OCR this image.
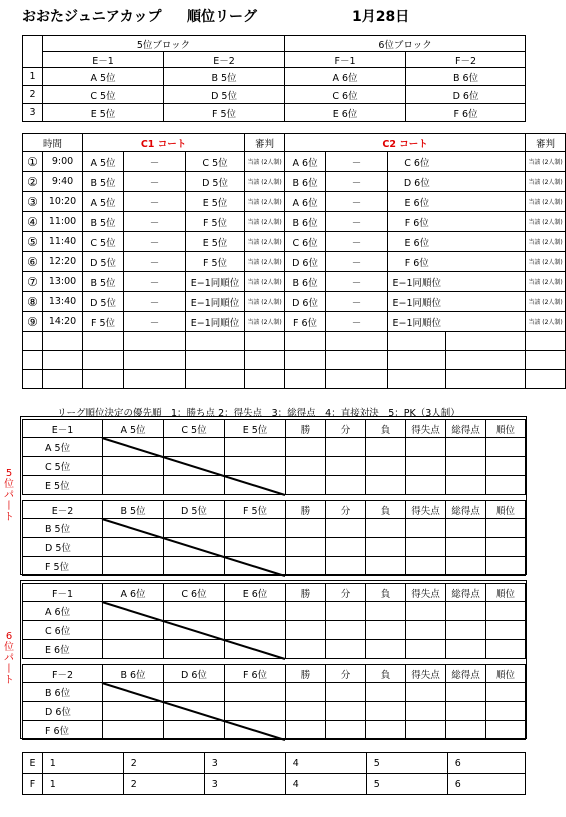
おおたジュニアカップ 順位リーグ	1月28日
	5位ブロック		6位ブロック	
	E－1	E－2	F－1	F－2
1	A 5位	B 5位	A 6位	B 6位
2	C 5位	D 5位	C 6位	D 6位
3	E 5位	F 5位	E 6位	F 6位
時間		C1 コート			審判	C2 コート				審判
①	9:00	A 5位	－	C 5位	当該 (2人制)	A 6位	－	C 6位		当該 (2人制)
②	9:40	B 5位	－	D 5位	当該 (2人制)	B 6位	－	D 6位		当該 (2人制)
③	10:20	A 5位	－	E 5位	当該 (2人制)	A 6位	－	E 6位		当該 (2人制)
④	11:00	B 5位	－	F 5位	当該 (2人制)	B 6位	－	F 6位		当該 (2人制)
⑤	11:40	C 5位	－	E 5位	当該 (2人制)	C 6位	－	E 6位		当該 (2人制)
⑥	12:20	D 5位	－	F 5位	当該 (2人制)	D 6位	－	F 6位		当該 (2人制)
⑦	13:00	B 5位	－	E−1同順位	当該 (2人制)	B 6位	－	E−1同順位		当該 (2人制)
⑧	13:40	D 5位	－	E−1同順位	当該 (2人制)	D 6位	－	E−1同順位		当該 (2人制)
⑨	14:20	F 5位	－	E−1同順位	当該 (2人制)	F 6位	－	E−1同順位		当該 (2人制)

リーグ順位決定の優先順　1：勝ち点 2：得失点　3：総得点　4：直接対決　5：PK（3人制）
E－1	A 5位	C 5位	E 5位	勝	分	負	得失点	総得点	順位
A 5位									
C 5位									
E 5位									
E－2	B 5位	D 5位	F 5位	勝	分	負	得失点	総得点	順位
B 5位									
D 5位									
F 5位									
F－1	A 6位	C 6位	E 6位	勝	分	負	得失点	総得点	順位
A 6位									
C 6位									
E 6位									
F－2	B 6位	D 6位	F 6位	勝	分	負	得失点	総得点	順位
B 6位									
D 6位									
F 6位									
5
位
パ
丨
ト
6
位
パ
丨
ト
E	1		2		3		4		5		6	
F	1		2		3		4		5		6	
